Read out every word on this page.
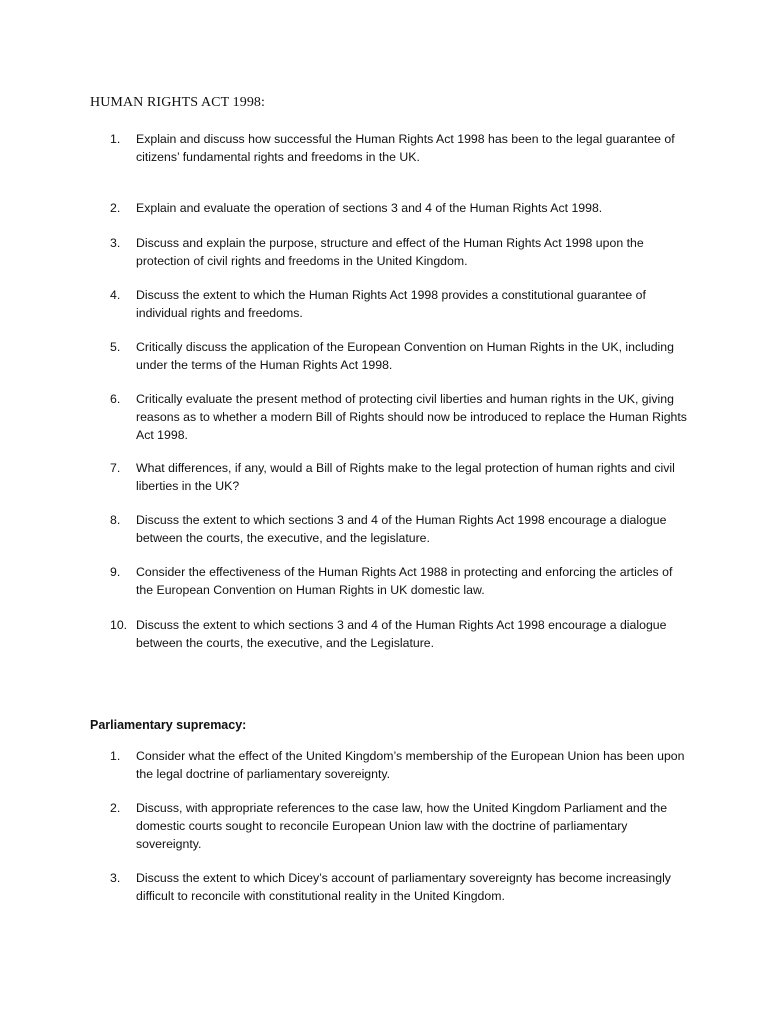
HUMAN RIGHTS ACT 1998:
1.	Explain and discuss how successful the Human Rights Act 1998 has been to the legal guarantee of citizens’ fundamental rights and freedoms in the UK.
2.	Explain and evaluate the operation of sections 3 and 4 of the Human Rights Act 1998.
3.	Discuss and explain the purpose, structure and effect of the Human Rights Act 1998 upon the protection of civil rights and freedoms in the United Kingdom.
4.	Discuss the extent to which the Human Rights Act 1998 provides a constitutional guarantee of individual rights and freedoms.
5.	Critically discuss the application of the European Convention on Human Rights in the UK, including under the terms of the Human Rights Act 1998.
6.	Critically evaluate the present method of protecting civil liberties and human rights in the UK, giving reasons as to whether a modern Bill of Rights should now be introduced to replace the Human Rights Act 1998.
7.	What differences, if any, would a Bill of Rights make to the legal protection of human rights and civil liberties in the UK?
8.	Discuss the extent to which sections 3 and 4 of the Human Rights Act 1998 encourage a dialogue between the courts, the executive, and the legislature.
9.	Consider the effectiveness of the Human Rights Act 1988 in protecting and enforcing the articles of the European Convention on Human Rights in UK domestic law.
10. Discuss the extent to which sections 3 and 4 of the Human Rights Act 1998 encourage a dialogue between the courts, the executive, and the Legislature.
Parliamentary supremacy:
1.	Consider what the effect of the United Kingdom’s membership of the European Union has been upon the legal doctrine of parliamentary sovereignty.
2.	Discuss, with appropriate references to the case law, how the United Kingdom Parliament and the domestic courts sought to reconcile European Union law with the doctrine of parliamentary sovereignty.
3.	Discuss the extent to which Dicey’s account of parliamentary sovereignty has become increasingly difficult to reconcile with constitutional reality in the United Kingdom.
